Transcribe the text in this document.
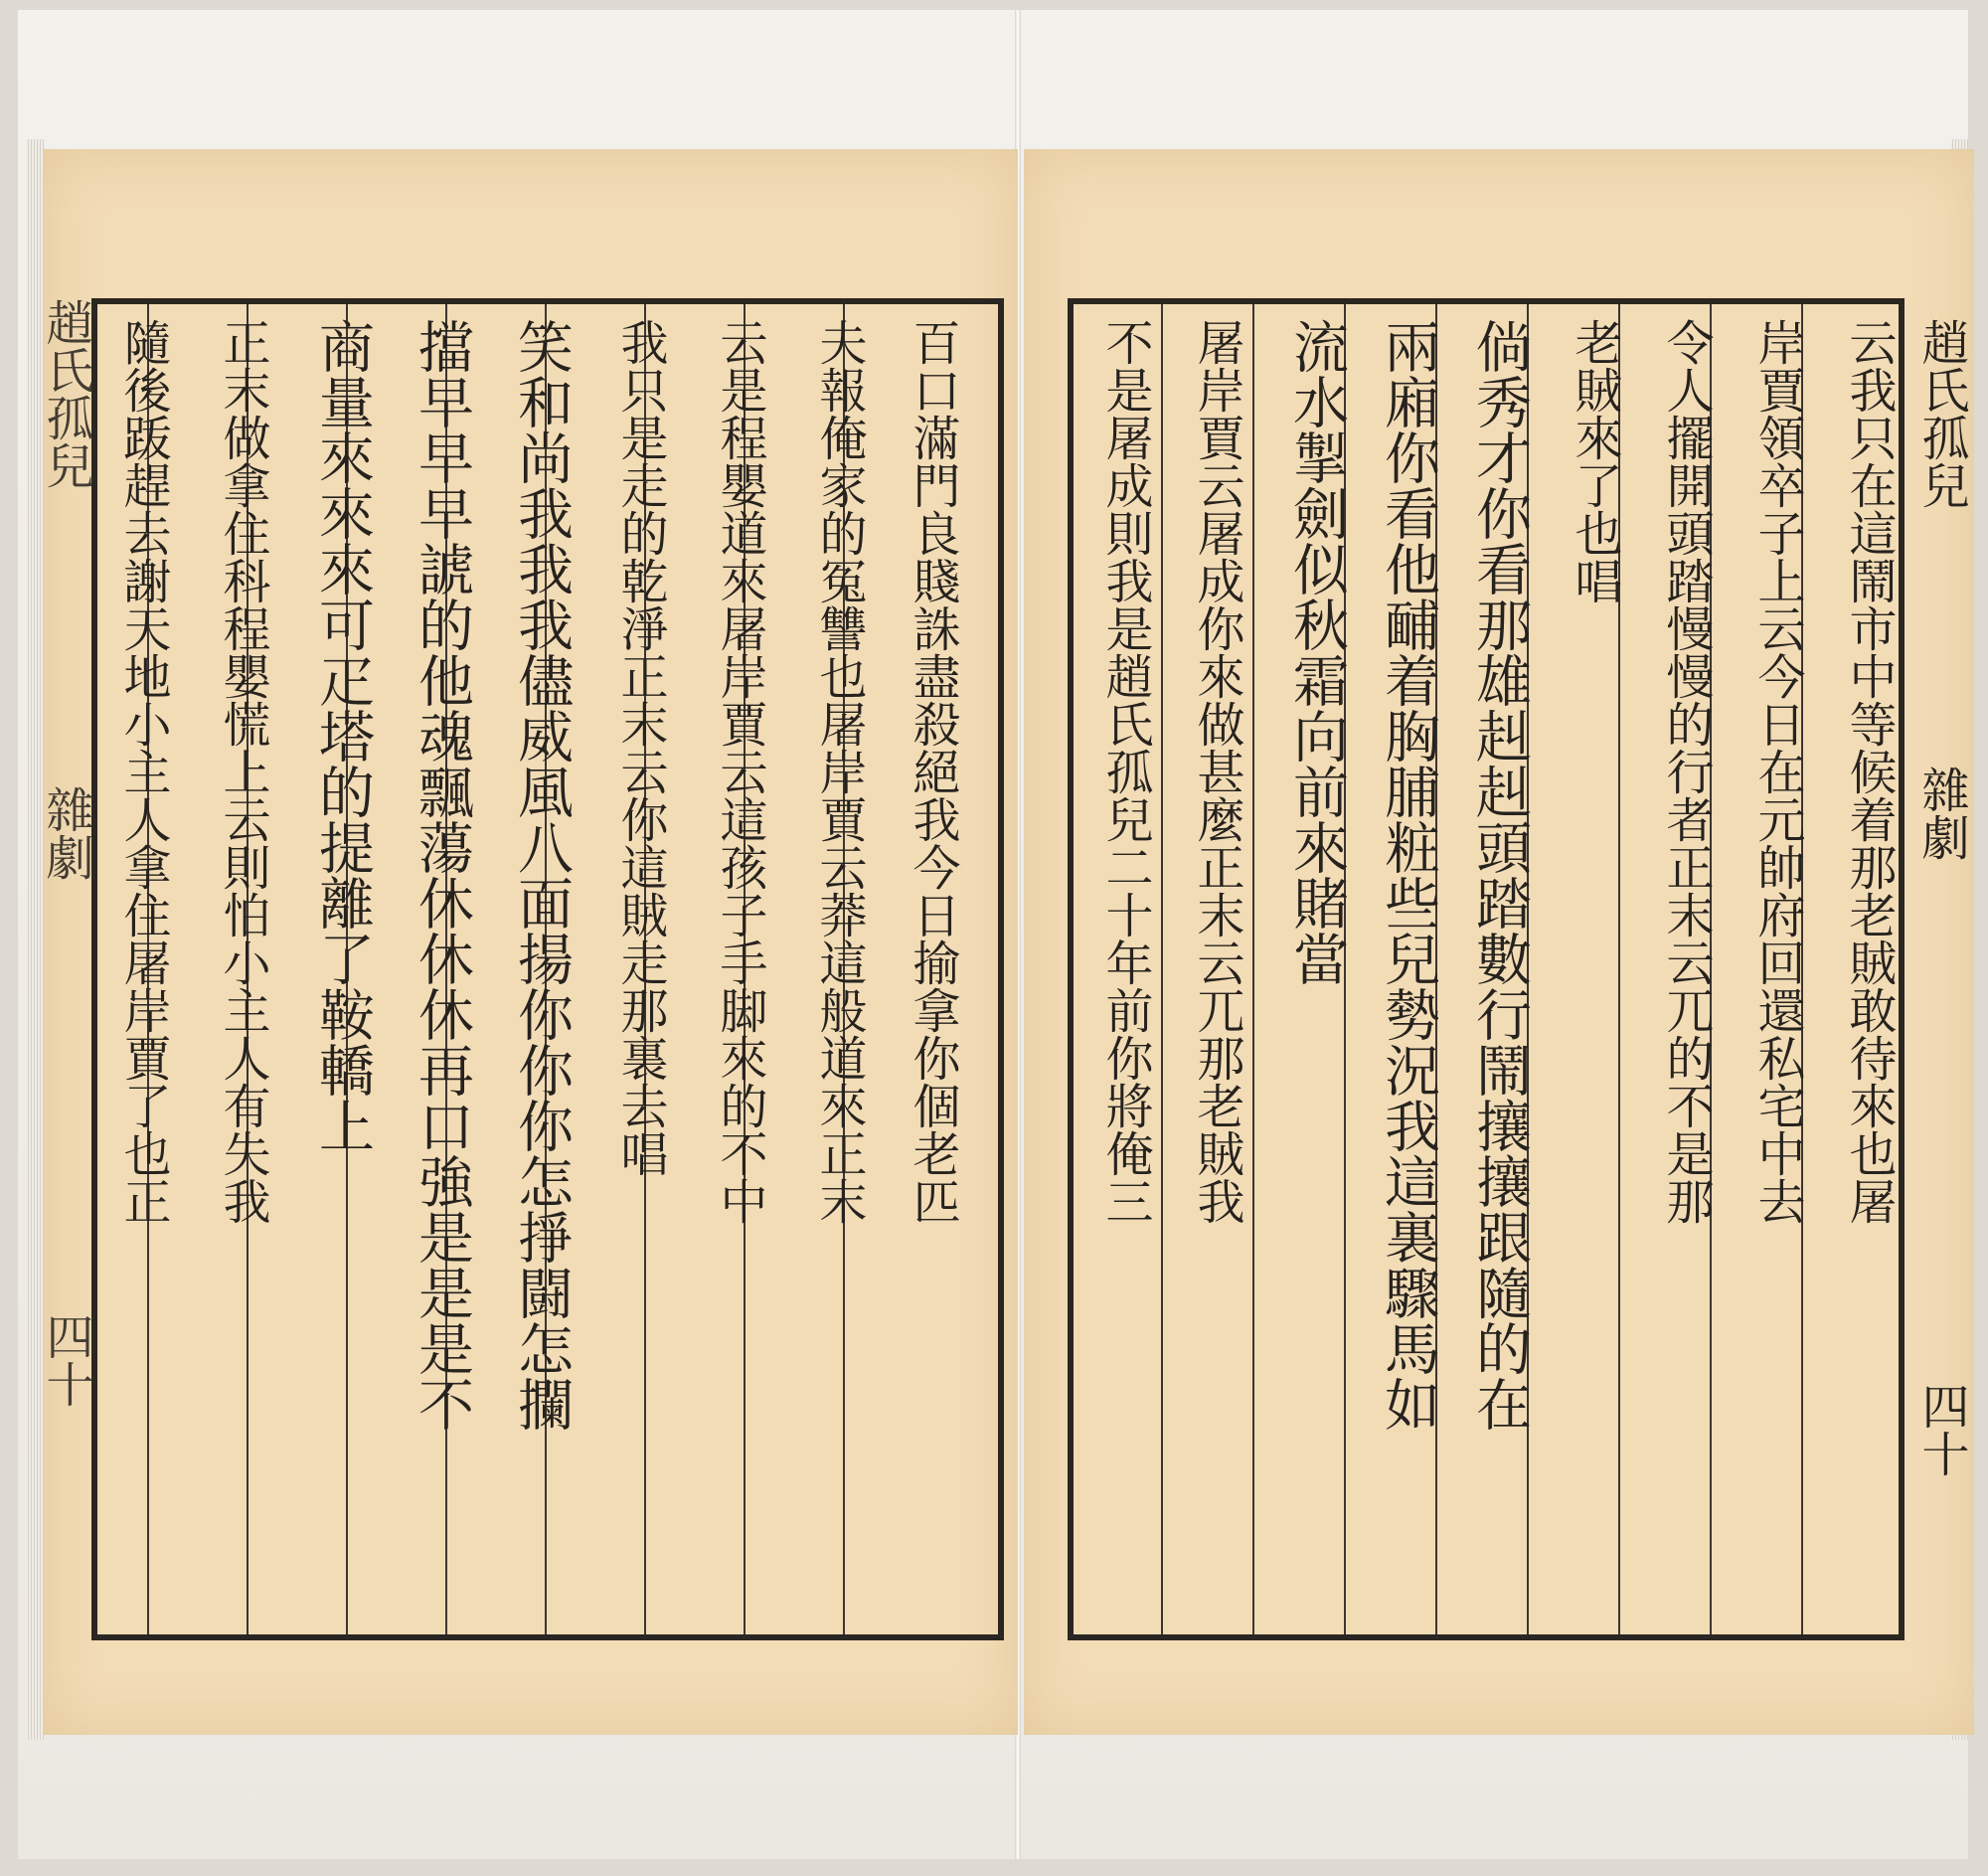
趙氏孤兒
雜劇
四十
百口滿門良賤誅盡殺絕我今日揄拿你個老匹
夫報俺家的冤讐也屠岸賈云莽這般道來正末
云是程嬰道來屠岸賈云這孩子手脚來的不中
我只是走的乾淨正末云你這賊走那裏去唱
笑和尚我我我儘威風八面揚你你你怎掙闘怎攔
擋早早早諕的他魂飄蕩休休休再口強是是是不
商量來來來可疋塔的提離了鞍轎上
正末做拿住科程嬰慌上云則怕小主人有失我
隨後䟦趕去謝天地小主人拿住屠岸賈了也正	趙氏孤兒
雜劇
四十
云我只在這鬧市中等候着那老賊敢待來也屠
岸賈領卒子上云今日在元帥府回還私宅中去
令人擺開頭踏慢慢的行者正末云兀的不是那
老賊來了也唱
倘秀才你看那雄赳赳頭踏數行鬧攘攘跟隨的在
兩廂你看他䩉着胸脯粧些兒勢況我這裏驟馬如
流水掣劍似秋霜向前來賭當
屠岸賈云屠成你來做甚麼正末云兀那老賊我
不是屠成則我是趙氏孤兒二十年前你將俺三
